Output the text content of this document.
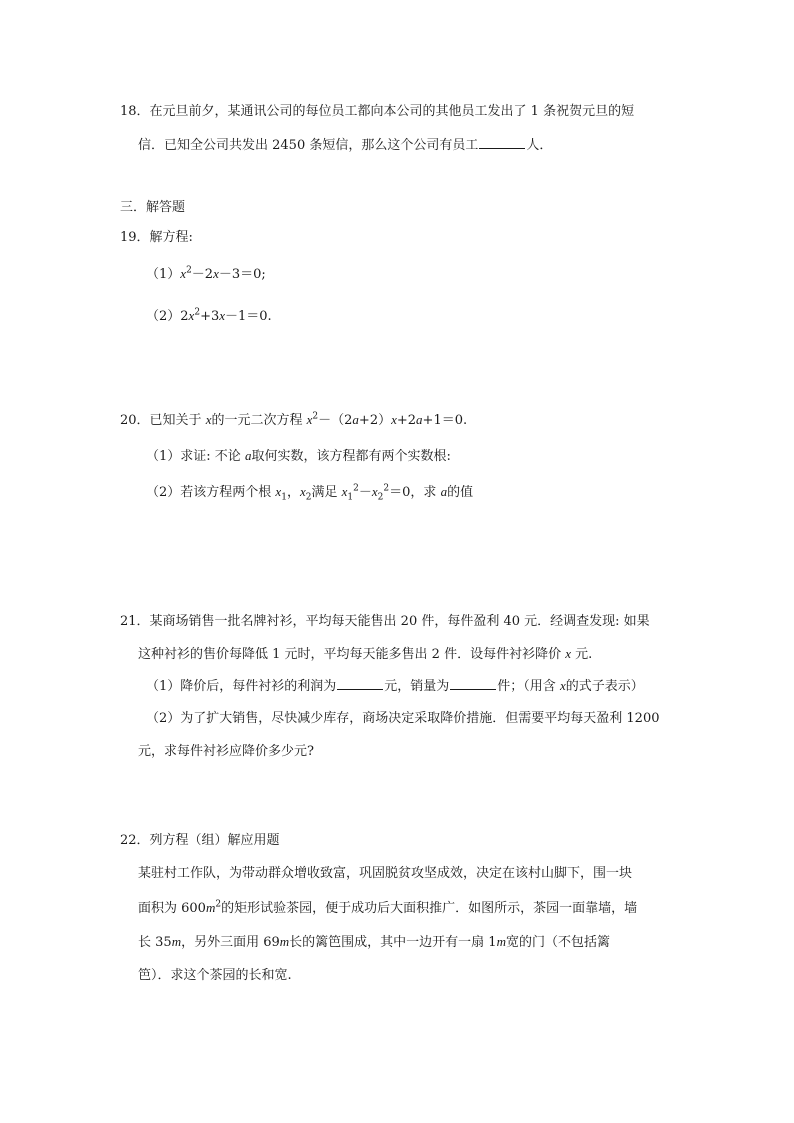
18．在元旦前夕，某通讯公司的每位员工都向本公司的其他员工发出了 1 条祝贺元旦的短
信．已知全公司共发出 2450 条短信，那么这个公司有员工	人．
三．解答题
19．解方程:
$(1)x^2-2x-3=0$;
$(2)2x^2+3x-1=0$.
20．已知关于 x的一元二次方程 $x^2-(2a+2)x+2a+1=0$.
（1）求证: 不论 a取何实数，该方程都有两个实数根:
（2）若该方程两个根 $x_1$，$x_2$满足 $x_1^2-x_2^2=0$，求 a的值
21．某商场销售一批名牌衬衫，平均每天能售出 20 件，每件盈利 40 元．经调查发现: 如果
这种衬衫的售价每降低 1 元时，平均每天能多售出 2 件．设每件衬衫降价 x 元.
（1）降价后，每件衬衫的利润为	元，销量为	件；（用含 x的式子表示）
（2）为了扩大销售，尽快减少库存，商场决定采取降价措施．但需要平均每天盈利 1200
元，求每件衬衫应降价多少元?
22．列方程（组）解应用题
某驻村工作队，为带动群众增收致富，巩固脱贫攻坚成效，决定在该村山脚下，围一块
面积为 $600m^2$的矩形试验茶园，便于成功后大面积推广．如图所示，茶园一面靠墙，墙
长 35m，另外三面用 69m长的篱笆围成，其中一边开有一扇 1m宽的门（不包括篱
笆）．求这个茶园的长和宽.
